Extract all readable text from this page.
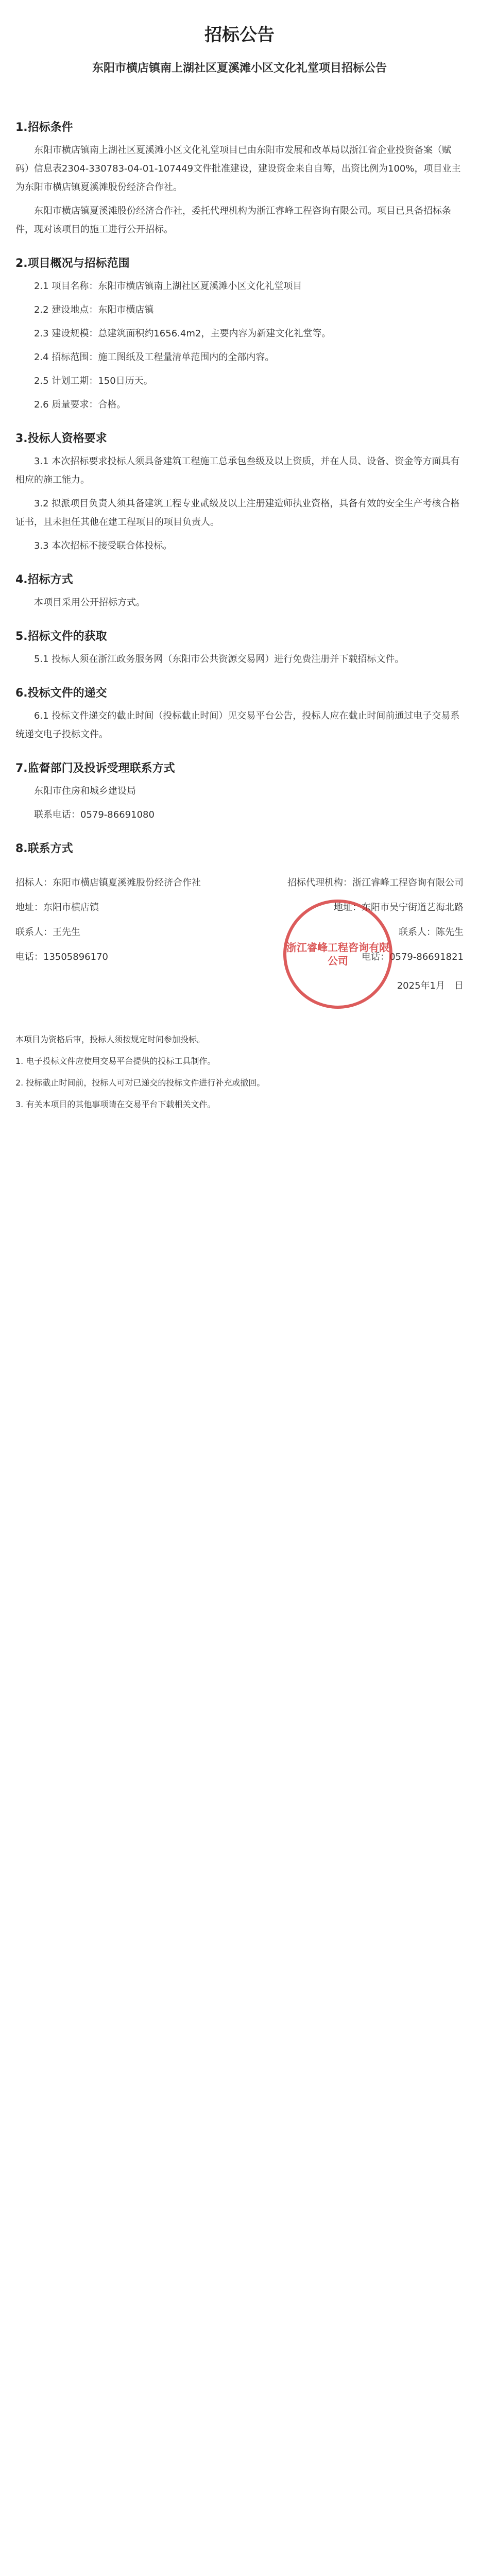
招标公告
东阳市横店镇南上湖社区夏溪滩小区文化礼堂项目招标公告
1.招标条件

东阳市横店镇南上湖社区夏溪滩小区文化礼堂项目已由东阳市发展和改革局以浙江省企业投资备案（赋码）信息表2304-330783-04-01-107449文件批准建设，建设资金来自自筹，出资比例为100%，项目业主为东阳市横店镇夏溪滩股份经济合作社。

东阳市横店镇夏溪滩股份经济合作社，委托代理机构为浙江睿峰工程咨询有限公司。项目已具备招标条件，现对该项目的施工进行公开招标。

2.项目概况与招标范围

2.1 项目名称：东阳市横店镇南上湖社区夏溪滩小区文化礼堂项目

2.2 建设地点：东阳市横店镇

2.3 建设规模：总建筑面积约1656.4m2，主要内容为新建文化礼堂等。

2.4 招标范围：施工图纸及工程量清单范围内的全部内容。

2.5 计划工期：150日历天。

2.6 质量要求：合格。

3.投标人资格要求

3.1 本次招标要求投标人须具备建筑工程施工总承包叁级及以上资质，并在人员、设备、资金等方面具有相应的施工能力。

3.2 拟派项目负责人须具备建筑工程专业贰级及以上注册建造师执业资格，具备有效的安全生产考核合格证书，且未担任其他在建工程项目的项目负责人。

3.3 本次招标不接受联合体投标。

4.招标方式

本项目采用公开招标方式。

5.招标文件的获取

5.1 投标人须在浙江政务服务网（东阳市公共资源交易网）进行免费注册并下载招标文件。

6.投标文件的递交

6.1 投标文件递交的截止时间（投标截止时间）见交易平台公告，投标人应在截止时间前通过电子交易系统递交电子投标文件。

7.监督部门及投诉受理联系方式

东阳市住房和城乡建设局

联系电话：0579-86691080

8.联系方式
招标人：东阳市横店镇夏溪滩股份经济合作社	招标代理机构：浙江睿峰工程咨询有限公司
地址：东阳市横店镇	地址：东阳市吴宁街道艺海北路
联系人：王先生	联系人：陈先生
电话：13505896170	电话：0579-86691821
浙江睿峰工程咨询有限公司
2025年1月　日

本项目为资格后审，投标人须按规定时间参加投标。

1. 电子投标文件应使用交易平台提供的投标工具制作。

2. 投标截止时间前，投标人可对已递交的投标文件进行补充或撤回。

3. 有关本项目的其他事项请在交易平台下载相关文件。
